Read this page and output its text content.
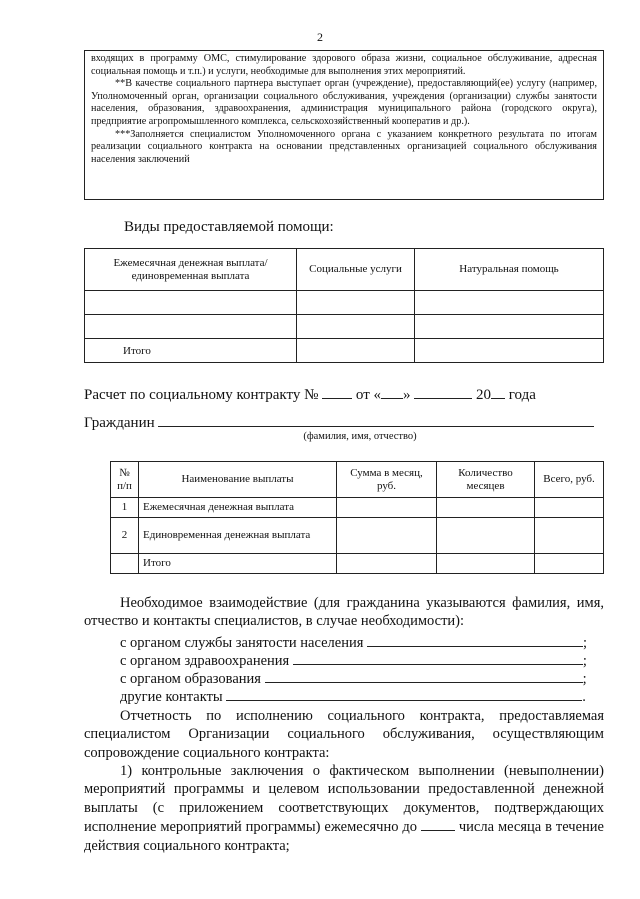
2

входящих в программу ОМС, стимулирование здорового образа жизни, социальное обслуживание, адресная социальная помощь и т.п.) и услуги, необходимые для выполнения этих мероприятий.

**В качестве социального партнера выступает орган (учреждение), предоставляющий(ее) услугу (например, Уполномоченный орган, организации социального обслуживания, учреждения (организации) службы занятости населения, образования, здравоохранения, администрация муниципального района (городского округа), предприятие агропромышленного комплекса, сельскохозяйственный кооператив и др.).

***Заполняется специалистом Уполномоченного органа с указанием конкретного результата по итогам реализации социального контракта на основании представленных организацией социального обслуживания населения заключений

Виды предоставляемой помощи:
Ежемесячная денежная выплата/ единовременная выплата	Социальные услуги	Натуральная помощь

Итого		
Расчет по социальному контракту №	от « »	20 года
Гражданин
(фамилия, имя, отчество)
№ п/п	Наименование выплаты	Сумма в месяц, руб.	Количество месяцев	Всего, руб.
1	Ежемесячная денежная выплата			
2	Единовременная денежная выплата			
	Итого			
Необходимое взаимодействие (для гражданина указываются фамилия, имя, отчество и контакты специалистов, в случае необходимости):
с органом службы занятости населения	;
с органом здравоохранения	;
с органом образования	;
другие контакты	.
Отчетность по исполнению социального контракта, предоставляемая специалистом Организации социального обслуживания, осуществляющим сопровождение социального контракта:
1) контрольные заключения о фактическом выполнении (невыполнении) мероприятий программы и целевом использовании предоставленной денежной выплаты (с приложением соответствующих документов, подтверждающих исполнение мероприятий программы) ежемесячно до	числа месяца в течение действия социального контракта;
